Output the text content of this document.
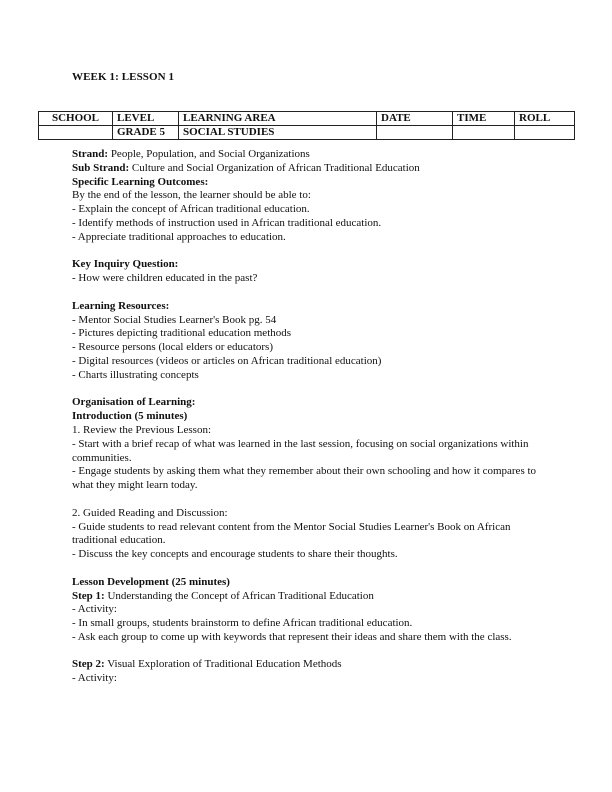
WEEK 1: LESSON 1
SCHOOL	LEVEL	LEARNING AREA	DATE	TIME	ROLL
	GRADE 5	SOCIAL STUDIES			

Strand: People, Population, and Social Organizations

Sub Strand: Culture and Social Organization of African Traditional Education

Specific Learning Outcomes:

By the end of the lesson, the learner should be able to:

- Explain the concept of African traditional education.

- Identify methods of instruction used in African traditional education.

- Appreciate traditional approaches to education.

Key Inquiry Question:

- How were children educated in the past?

Learning Resources:

- Mentor Social Studies Learner's Book pg. 54

- Pictures depicting traditional education methods

- Resource persons (local elders or educators)

- Digital resources (videos or articles on African traditional education)

- Charts illustrating concepts

Organisation of Learning:

Introduction (5 minutes)

1. Review the Previous Lesson:

- Start with a brief recap of what was learned in the last session, focusing on social organizations within communities.

- Engage students by asking them what they remember about their own schooling and how it compares to what they might learn today.

2. Guided Reading and Discussion:

- Guide students to read relevant content from the Mentor Social Studies Learner's Book on African traditional education.

- Discuss the key concepts and encourage students to share their thoughts.

Lesson Development (25 minutes)

Step 1: Understanding the Concept of African Traditional Education

- Activity:

- In small groups, students brainstorm to define African traditional education.

- Ask each group to come up with keywords that represent their ideas and share them with the class.

Step 2: Visual Exploration of Traditional Education Methods

- Activity:
